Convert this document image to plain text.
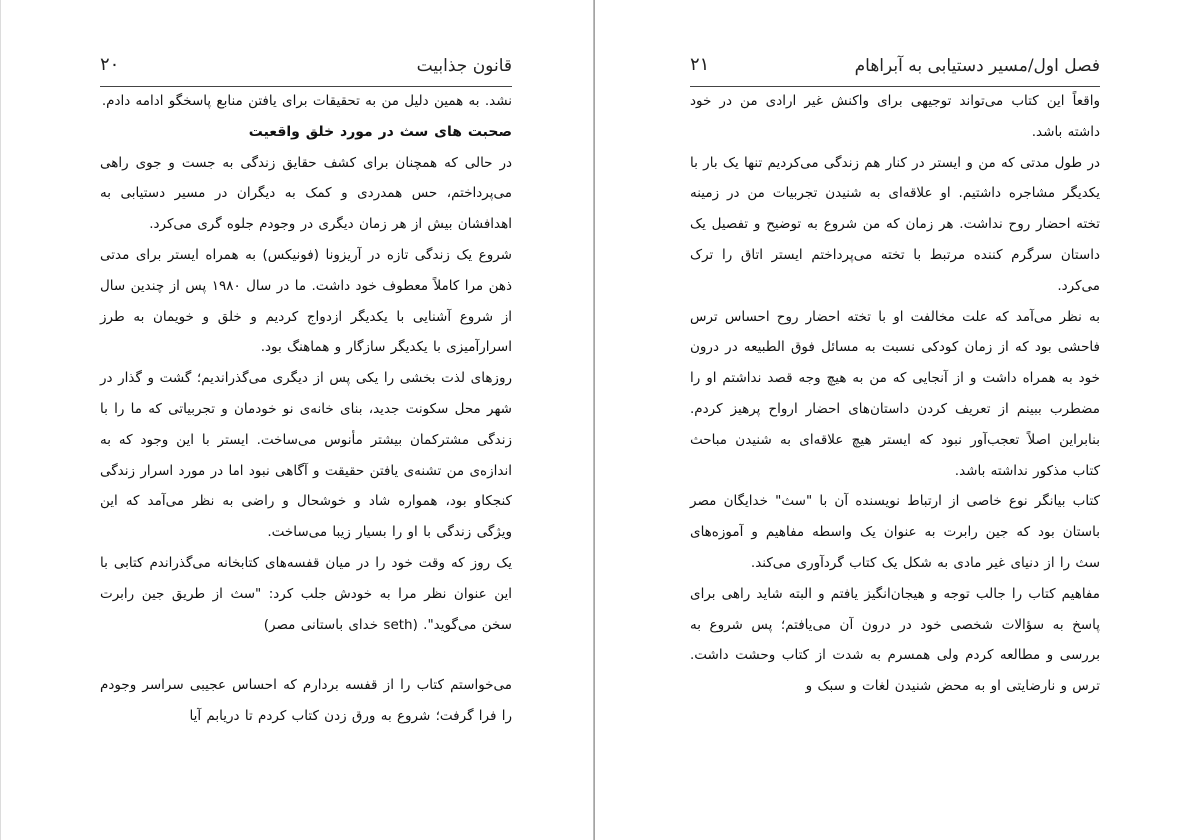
قانون جذابیت
۲۰

نشد. به همین دلیل من به تحقیقات برای یافتن منابع پاسخگو ادامه دادم.

صحبت های سث در مورد خلق واقعیت

در حالی که همچنان برای کشف حقایق زندگی به جست و جوی راهی می‌پرداختم، حس همدردی و کمک به دیگران در مسیر دستیابی به اهدافشان بیش از هر زمان دیگری در وجودم جلوه گری می‌کرد.

شروع یک زندگی تازه در آریزونا (فونیکس) به همراه ایستر برای مدتی ذهن مرا کاملاً معطوف خود داشت. ما در سال ۱۹۸۰ پس از چندین سال از شروع آشنایی با یکدیگر ازدواج کردیم و خلق و خویمان به طرز اسرارآمیزی با یکدیگر سازگار و هماهنگ بود.

روزهای لذت بخشی را یکی پس از دیگری می‌گذراندیم؛ گشت و گذار در شهر محل سکونت جدید، بنای خانه‌ی نو خودمان و تجربیاتی که ما را با زندگی مشترکمان بیشتر مأنوس می‌ساخت. ایستر با این وجود که به اندازه‌ی من تشنه‌ی یافتن حقیقت و آگاهی نبود اما در مورد اسرار زندگی کنجکاو بود، همواره شاد و خوشحال و راضی به نظر می‌آمد که این ویژگی زندگی با او را بسیار زیبا می‌ساخت.

یک روز که وقت خود را در میان قفسه‌های کتابخانه می‌گذراندم کتابی با این عنوان نظر مرا به خودش جلب کرد: "سث از طریق جین رابرت سخن می‌گوید". (seth خدای باستانی مصر)

می‌خواستم کتاب را از قفسه بردارم که احساس عجیبی سراسر وجودم را فرا گرفت؛ شروع به ورق زدن کتاب کردم تا دریابم آیا

فصل اول/مسیر دستیابی به آبراهام
۲۱

واقعاً این کتاب می‌تواند توجیهی برای واکنش غیر ارادی من در خود داشته باشد.

در طول مدتی که من و ایستر در کنار هم زندگی می‌کردیم تنها یک بار با یکدیگر مشاجره داشتیم. او علاقه‌ای به شنیدن تجربیات من در زمینه تخته احضار روح نداشت. هر زمان که من شروع به توضیح و تفصیل یک داستان سرگرم کننده مرتبط با تخته می‌پرداختم ایستر اتاق را ترک می‌کرد.

به نظر می‌آمد که علت مخالفت او با تخته احضار روح احساس ترس فاحشی بود که از زمان کودکی نسبت به مسائل فوق الطبیعه در درون خود به همراه داشت و از آنجایی که من به هیچ وجه قصد نداشتم او را مضطرب ببینم از تعریف کردن داستان‌های احضار ارواح پرهیز کردم. بنابراین اصلاً تعجب‌آور نبود که ایستر هیچ علاقه‌ای به شنیدن مباحث کتاب مذکور نداشته باشد.

کتاب بیانگر نوع خاصی از ارتباط نویسنده آن با "سث" خدایگان مصر باستان بود که جین رابرت به عنوان یک واسطه مفاهیم و آموزه‌های سث را از دنیای غیر مادی به شکل یک کتاب گردآوری می‌کند.

مفاهیم کتاب را جالب توجه و هیجان‌انگیز یافتم و البته شاید راهی برای پاسخ به سؤالات شخصی خود در درون آن می‌یافتم؛ پس شروع به بررسی و مطالعه کردم ولی همسرم به شدت از کتاب وحشت داشت. ترس و نارضایتی او به محض شنیدن لغات و سبک و
